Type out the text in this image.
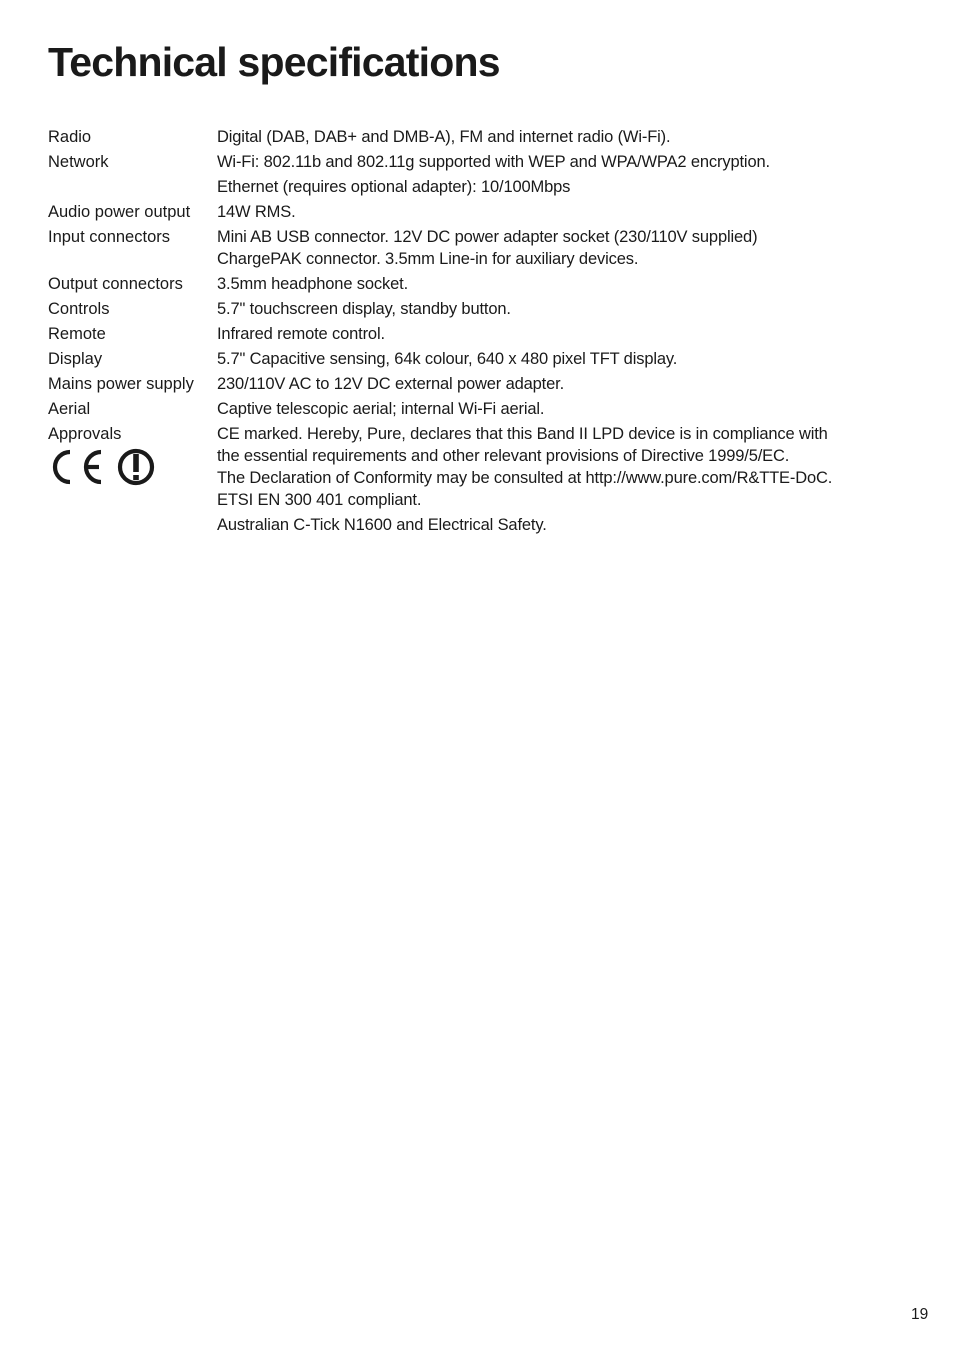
Technical specifications
Radio	Digital (DAB, DAB+ and DMB-A), FM and internet radio (Wi-Fi).
Network	Wi-Fi: 802.11b and 802.11g supported with WEP and WPA/WPA2 encryption.
Ethernet (requires optional adapter): 10/100Mbps
Audio power output 14W RMS.
Input connectors	Mini AB USB connector. 12V DC power adapter socket (230/110V supplied)
ChargePAK connector. 3.5mm Line-in for auxiliary devices.
Output connectors 3.5mm headphone socket.
Controls	5.7" touchscreen display, standby button.
Remote	Infrared remote control.
Display	5.7" Capacitive sensing, 64k colour, 640 x 480 pixel TFT display.
Mains power supply 230/110V AC to 12V DC external power adapter.
Aerial	Captive telescopic aerial; internal Wi-Fi aerial.
Approvals	CE marked. Hereby, Pure, declares that this Band II LPD device is in compliance with
the essential requirements and other relevant provisions of Directive 1999/5/EC.
The Declaration of Conformity may be consulted at http://www.pure.com/R&TTE-DoC.
ETSI EN 300 401 compliant.
Australian C-Tick N1600 and Electrical Safety.
19
